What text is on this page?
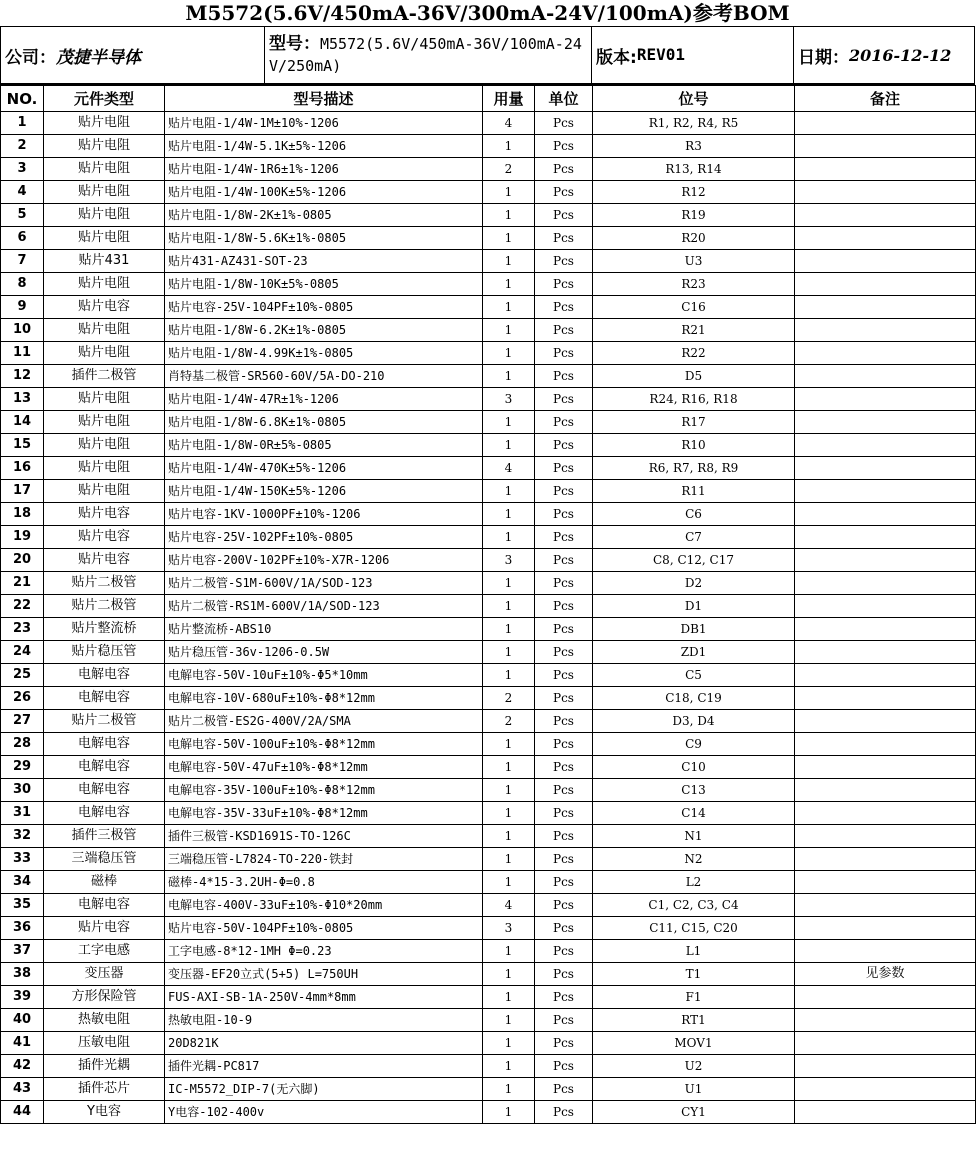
M5572(5.6V/450mA-36V/300mA-24V/100mA)参考BOM
公司： 茂捷半导体
型号：M5572(5.6V/450mA-36V/100mA-24V/250mA)	版本: REV01	日期： 2016-12-12
NO.	元件类型	型号描述	用量	单位	位号	备注
1	贴片电阻	贴片电阻-1/4W-1M±10%-1206	4	Pcs	R1, R2, R4, R5	
2	贴片电阻	贴片电阻-1/4W-5.1K±5%-1206	1	Pcs	R3	
3	贴片电阻	贴片电阻-1/4W-1R6±1%-1206	2	Pcs	R13, R14	
4	贴片电阻	贴片电阻-1/4W-100K±5%-1206	1	Pcs	R12	
5	贴片电阻	贴片电阻-1/8W-2K±1%-0805	1	Pcs	R19	
6	贴片电阻	贴片电阻-1/8W-5.6K±1%-0805	1	Pcs	R20	
7	贴片431	贴片431-AZ431-SOT-23	1	Pcs	U3	
8	贴片电阻	贴片电阻-1/8W-10K±5%-0805	1	Pcs	R23	
9	贴片电容	贴片电容-25V-104PF±10%-0805	1	Pcs	C16	
10	贴片电阻	贴片电阻-1/8W-6.2K±1%-0805	1	Pcs	R21	
11	贴片电阻	贴片电阻-1/8W-4.99K±1%-0805	1	Pcs	R22	
12	插件二极管	肖特基二极管-SR560-60V/5A-DO-210	1	Pcs	D5	
13	贴片电阻	贴片电阻-1/4W-47R±1%-1206	3	Pcs	R24, R16, R18	
14	贴片电阻	贴片电阻-1/8W-6.8K±1%-0805	1	Pcs	R17	
15	贴片电阻	贴片电阻-1/8W-0R±5%-0805	1	Pcs	R10	
16	贴片电阻	贴片电阻-1/4W-470K±5%-1206	4	Pcs	R6, R7, R8, R9	
17	贴片电阻	贴片电阻-1/4W-150K±5%-1206	1	Pcs	R11	
18	贴片电容	贴片电容-1KV-1000PF±10%-1206	1	Pcs	C6	
19	贴片电容	贴片电容-25V-102PF±10%-0805	1	Pcs	C7	
20	贴片电容	贴片电容-200V-102PF±10%-X7R-1206	3	Pcs	C8, C12, C17	
21	贴片二极管	贴片二极管-S1M-600V/1A/SOD-123	1	Pcs	D2	
22	贴片二极管	贴片二极管-RS1M-600V/1A/SOD-123	1	Pcs	D1	
23	贴片整流桥	贴片整流桥-ABS10	1	Pcs	DB1	
24	贴片稳压管	贴片稳压管-36v-1206-0.5W	1	Pcs	ZD1	
25	电解电容	电解电容-50V-10uF±10%-Φ5*10mm	1	Pcs	C5	
26	电解电容	电解电容-10V-680uF±10%-Φ8*12mm	2	Pcs	C18, C19	
27	贴片二极管	贴片二极管-ES2G-400V/2A/SMA	2	Pcs	D3, D4	
28	电解电容	电解电容-50V-100uF±10%-Φ8*12mm	1	Pcs	C9	
29	电解电容	电解电容-50V-47uF±10%-Φ8*12mm	1	Pcs	C10	
30	电解电容	电解电容-35V-100uF±10%-Φ8*12mm	1	Pcs	C13	
31	电解电容	电解电容-35V-33uF±10%-Φ8*12mm	1	Pcs	C14	
32	插件三极管	插件三极管-KSD1691S-TO-126C	1	Pcs	N1	
33	三端稳压管	三端稳压管-L7824-TO-220-铁封	1	Pcs	N2	
34	磁棒	磁棒-4*15-3.2UH-Φ=0.8	1	Pcs	L2	
35	电解电容	电解电容-400V-33uF±10%-Φ10*20mm	4	Pcs	C1, C2, C3, C4	
36	贴片电容	贴片电容-50V-104PF±10%-0805	3	Pcs	C11, C15, C20	
37	工字电感	工字电感-8*12-1MH Φ=0.23	1	Pcs	L1	
38	变压器	变压器-EF20立式(5+5) L=750UH	1	Pcs	T1	见参数
39	方形保险管	FUS-AXI-SB-1A-250V-4mm*8mm	1	Pcs	F1	
40	热敏电阻	热敏电阻-10-9	1	Pcs	RT1	
41	压敏电阻	20D821K	1	Pcs	MOV1	
42	插件光耦	插件光耦-PC817	1	Pcs	U2	
43	插件芯片	IC-M5572_DIP-7(无六脚)	1	Pcs	U1	
44	Y电容	Y电容-102-400v	1	Pcs	CY1	
